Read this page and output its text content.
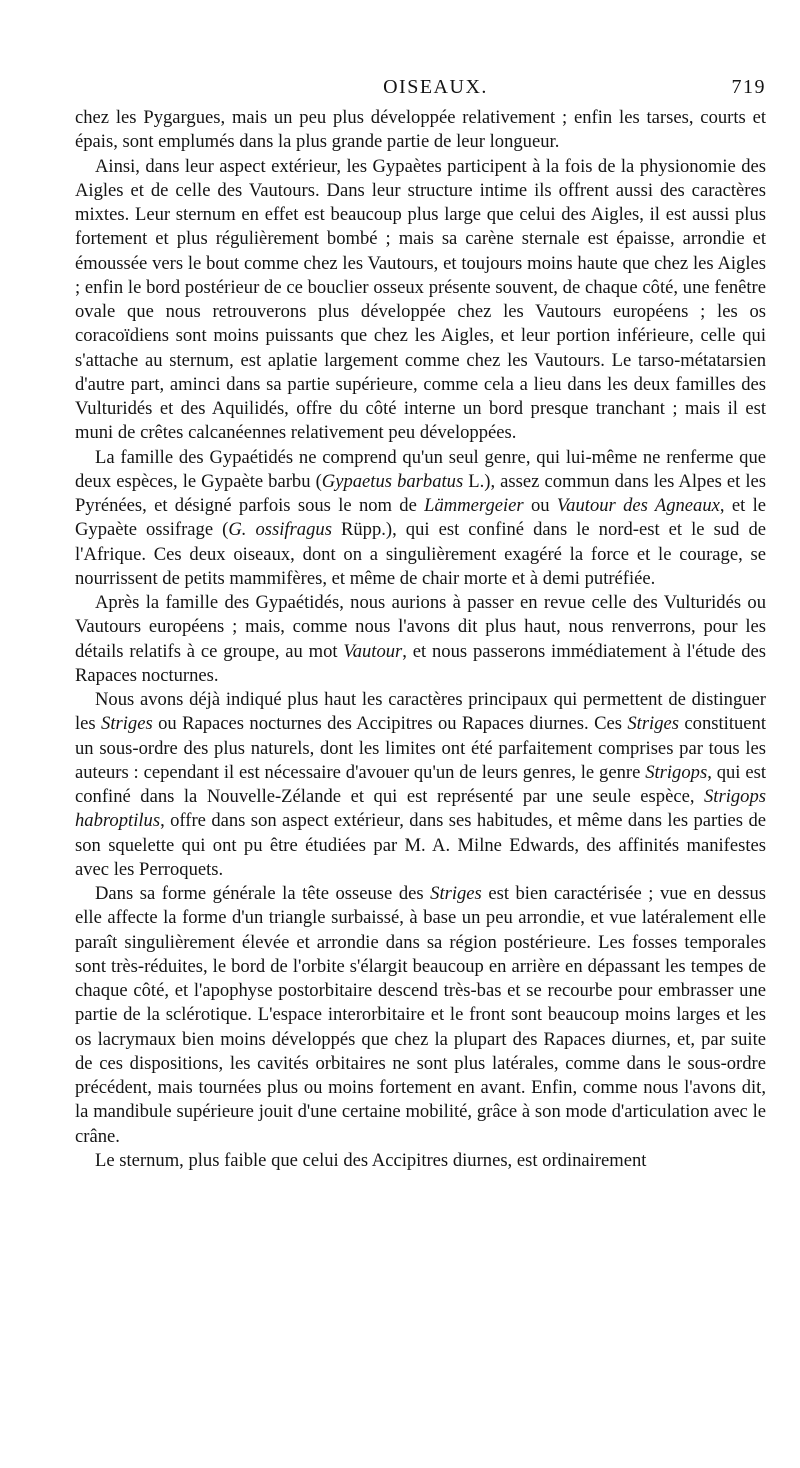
OISEAUX.	719

chez les Pygargues, mais un peu plus développée relativement ; enfin les tarses, courts et épais, sont emplumés dans la plus grande partie de leur longueur.

Ainsi, dans leur aspect extérieur, les Gypaètes participent à la fois de la physionomie des Aigles et de celle des Vautours. Dans leur structure intime ils offrent aussi des caractères mixtes. Leur sternum en effet est beaucoup plus large que celui des Aigles, il est aussi plus fortement et plus régulièrement bombé ; mais sa carène sternale est épaisse, arrondie et émoussée vers le bout comme chez les Vautours, et toujours moins haute que chez les Aigles ; enfin le bord postérieur de ce bouclier osseux présente souvent, de chaque côté, une fenêtre ovale que nous retrouverons plus développée chez les Vautours européens ; les os coracoïdiens sont moins puissants que chez les Aigles, et leur portion inférieure, celle qui s'attache au sternum, est aplatie largement comme chez les Vautours. Le tarso-métatarsien d'autre part, aminci dans sa partie supérieure, comme cela a lieu dans les deux familles des Vulturidés et des Aquilidés, offre du côté interne un bord presque tranchant ; mais il est muni de crêtes calcanéennes relativement peu développées.

La famille des Gypaétidés ne comprend qu'un seul genre, qui lui-même ne renferme que deux espèces, le Gypaète barbu (Gypaetus barbatus L.), assez commun dans les Alpes et les Pyrénées, et désigné parfois sous le nom de Lämmergeier ou Vautour des Agneaux, et le Gypaète ossifrage (G. ossifragus Rüpp.), qui est confiné dans le nord-est et le sud de l'Afrique. Ces deux oiseaux, dont on a singulièrement exagéré la force et le courage, se nourrissent de petits mammifères, et même de chair morte et à demi putréfiée.

Après la famille des Gypaétidés, nous aurions à passer en revue celle des Vulturidés ou Vautours européens ; mais, comme nous l'avons dit plus haut, nous renverrons, pour les détails relatifs à ce groupe, au mot Vautour, et nous passerons immédiatement à l'étude des Rapaces nocturnes.

Nous avons déjà indiqué plus haut les caractères principaux qui permettent de distinguer les Striges ou Rapaces nocturnes des Accipitres ou Rapaces diurnes. Ces Striges constituent un sous-ordre des plus naturels, dont les limites ont été parfaitement comprises par tous les auteurs : cependant il est nécessaire d'avouer qu'un de leurs genres, le genre Strigops, qui est confiné dans la Nouvelle-Zélande et qui est représenté par une seule espèce, Strigops habroptilus, offre dans son aspect extérieur, dans ses habitudes, et même dans les parties de son squelette qui ont pu être étudiées par M. A. Milne Edwards, des affinités manifestes avec les Perroquets.

Dans sa forme générale la tête osseuse des Striges est bien caractérisée ; vue en dessus elle affecte la forme d'un triangle surbaissé, à base un peu arrondie, et vue latéralement elle paraît singulièrement élevée et arrondie dans sa région postérieure. Les fosses temporales sont très-réduites, le bord de l'orbite s'élargit beaucoup en arrière en dépassant les tempes de chaque côté, et l'apophyse postorbitaire descend très-bas et se recourbe pour embrasser une partie de la sclérotique. L'espace interorbitaire et le front sont beaucoup moins larges et les os lacrymaux bien moins développés que chez la plupart des Rapaces diurnes, et, par suite de ces dispositions, les cavités orbitaires ne sont plus latérales, comme dans le sous-ordre précédent, mais tournées plus ou moins fortement en avant. Enfin, comme nous l'avons dit, la mandibule supérieure jouit d'une certaine mobilité, grâce à son mode d'articulation avec le crâne.

Le sternum, plus faible que celui des Accipitres diurnes, est ordinairement
